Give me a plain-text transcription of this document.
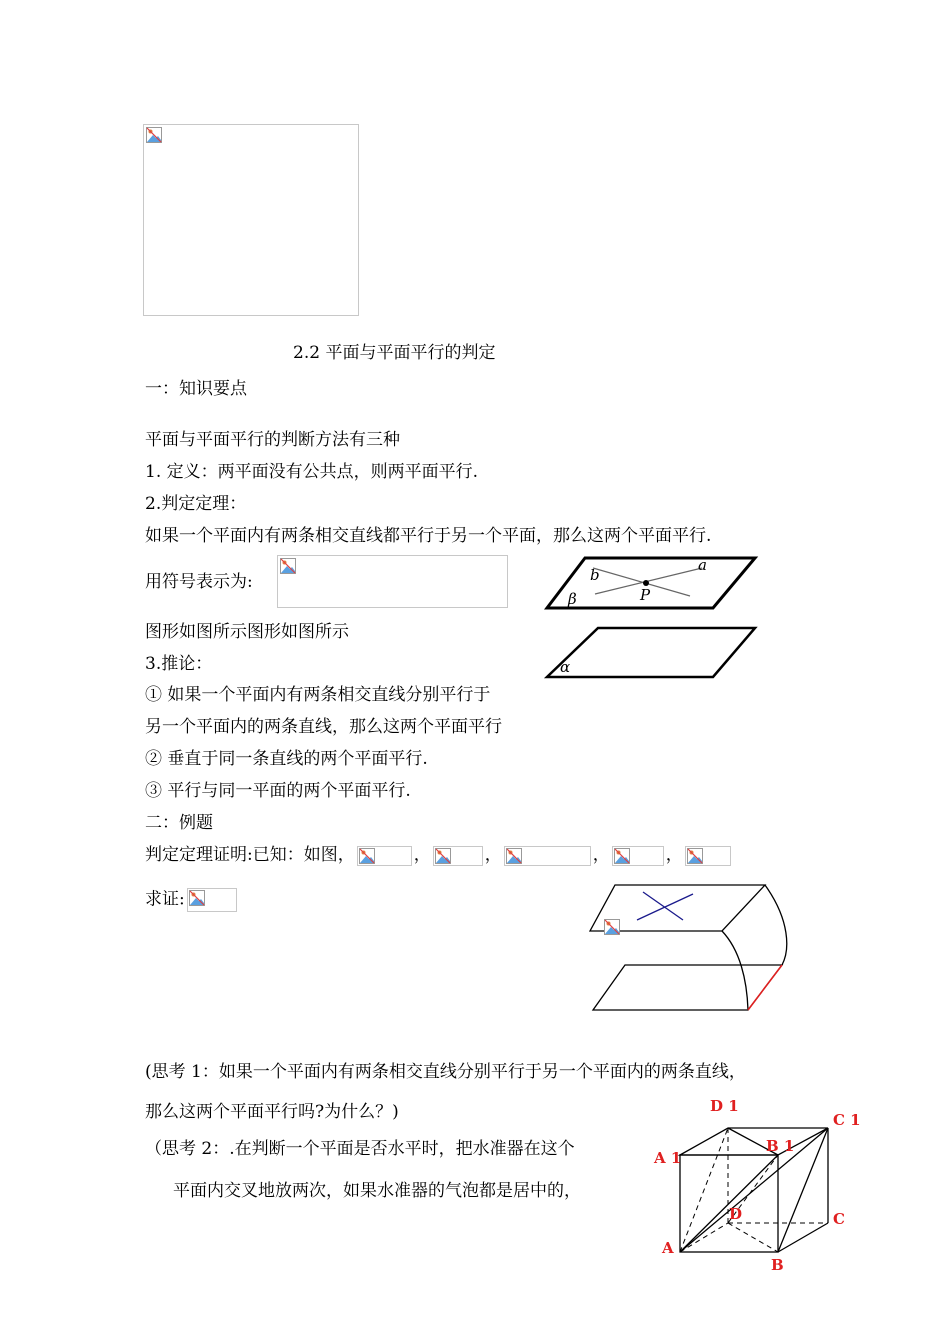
2.2 平面与平面平行的判定
一：知识要点
平面与平面平行的判断方法有三种
1. 定义：两平面没有公共点，则两平面平行.
2.判定定理：
如果一个平面内有两条相交直线都平行于另一个平面，那么这两个平面平行.
用符号表示为:	b
a
P
β
α
图形如图所示图形如图所示
3.推论：
① 如果一个平面内有两条相交直线分别平行于
另一个平面内的两条直线，那么这两个平面平行
② 垂直于同一条直线的两个平面平行.
③ 平行与同一平面的两个平面平行.
二：例题
判定定理证明:已知：如图，	，	，	，	，
求证:
(思考 1：如果一个平面内有两条相交直线分别平行于另一个平面内的两条直线，
那么这两个平面平行吗?为什么？)
（思考 2：.在判断一个平面是否水平时，把水准器在这个
平面内交叉地放两次，如果水准器的气泡都是居中的，
D 1
C 1
A 1
B 1
D	C
A
B
